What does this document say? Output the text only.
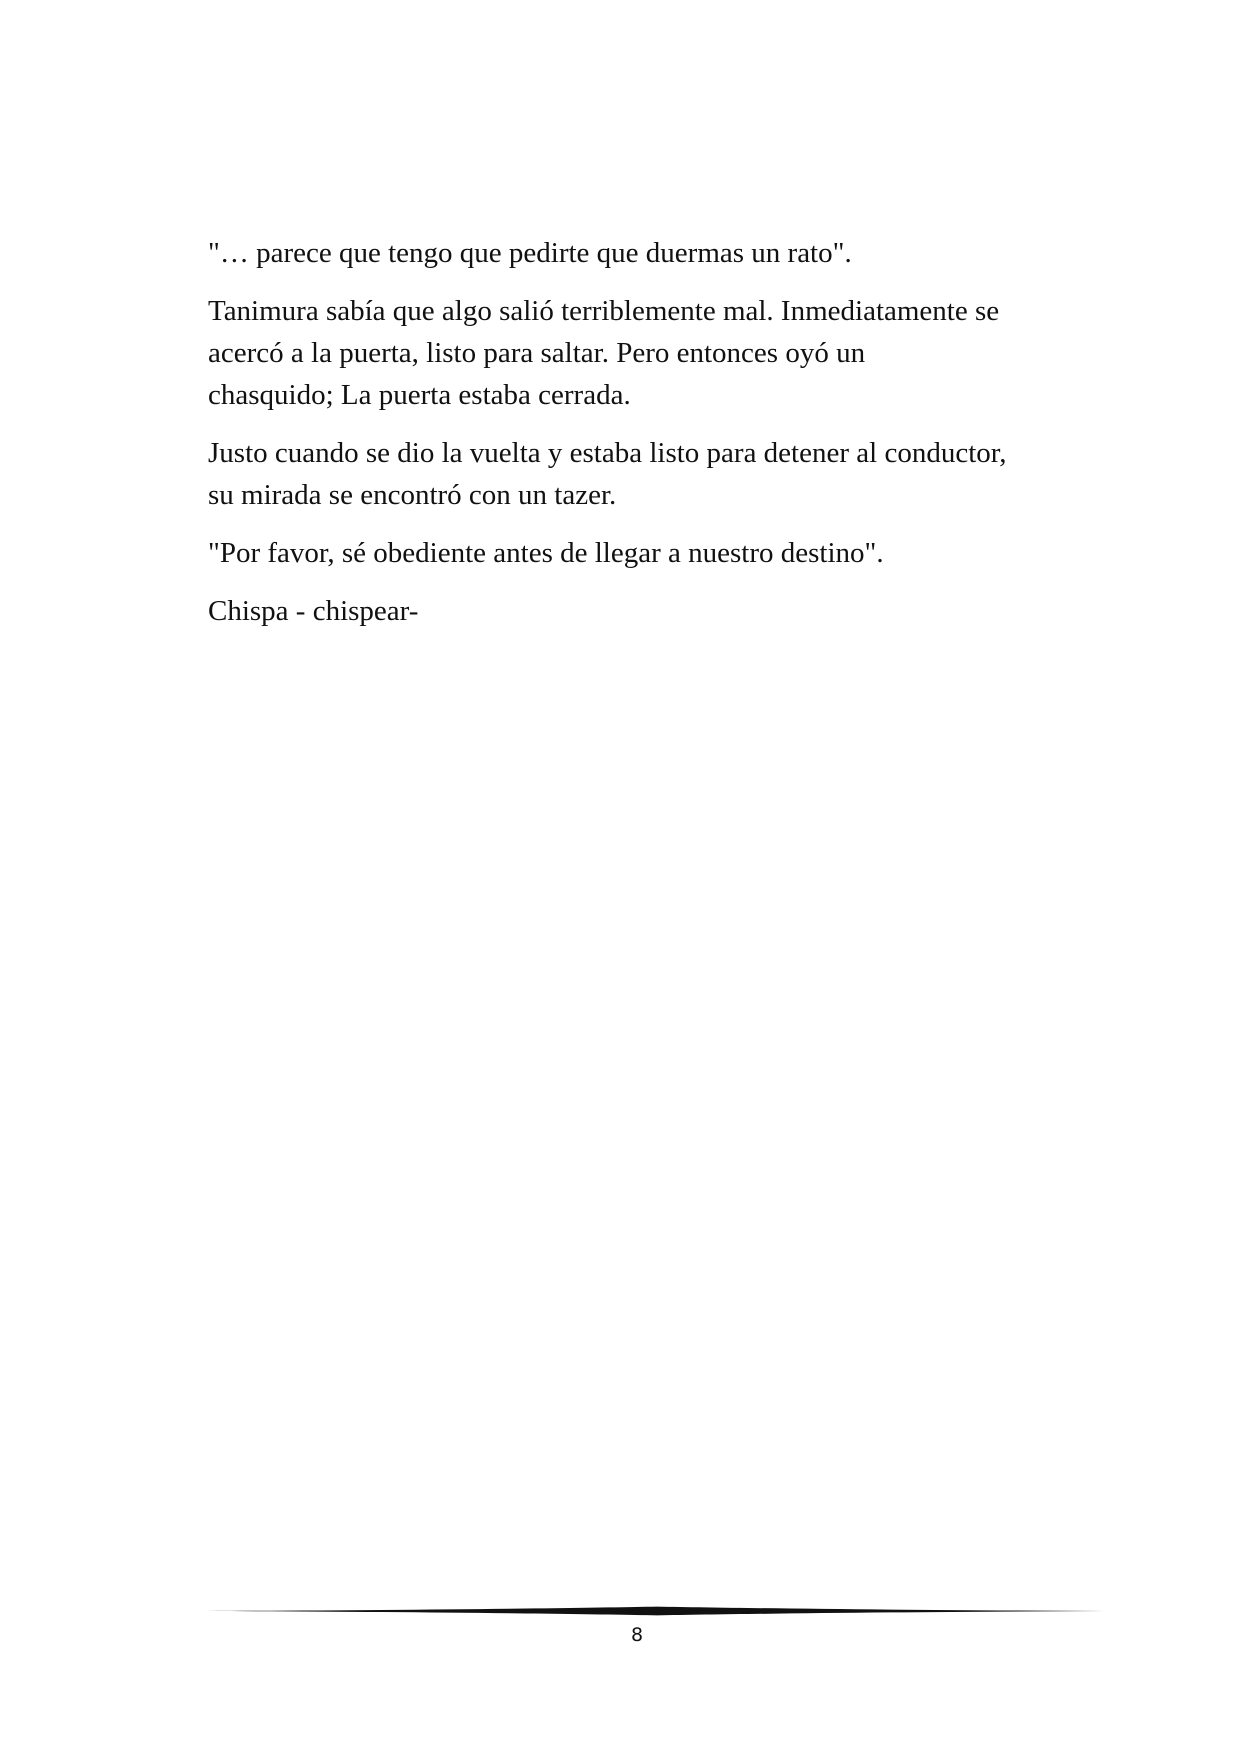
"… parece que tengo que pedirte que duermas un rato".

Tanimura sabía que algo salió terriblemente mal. Inmediatamente se
acercó a la puerta, listo para saltar. Pero entonces oyó un
chasquido; La puerta estaba cerrada.

Justo cuando se dio la vuelta y estaba listo para detener al conductor,
su mirada se encontró con un tazer.

"Por favor, sé obediente antes de llegar a nuestro destino".

Chispa - chispear-

8
